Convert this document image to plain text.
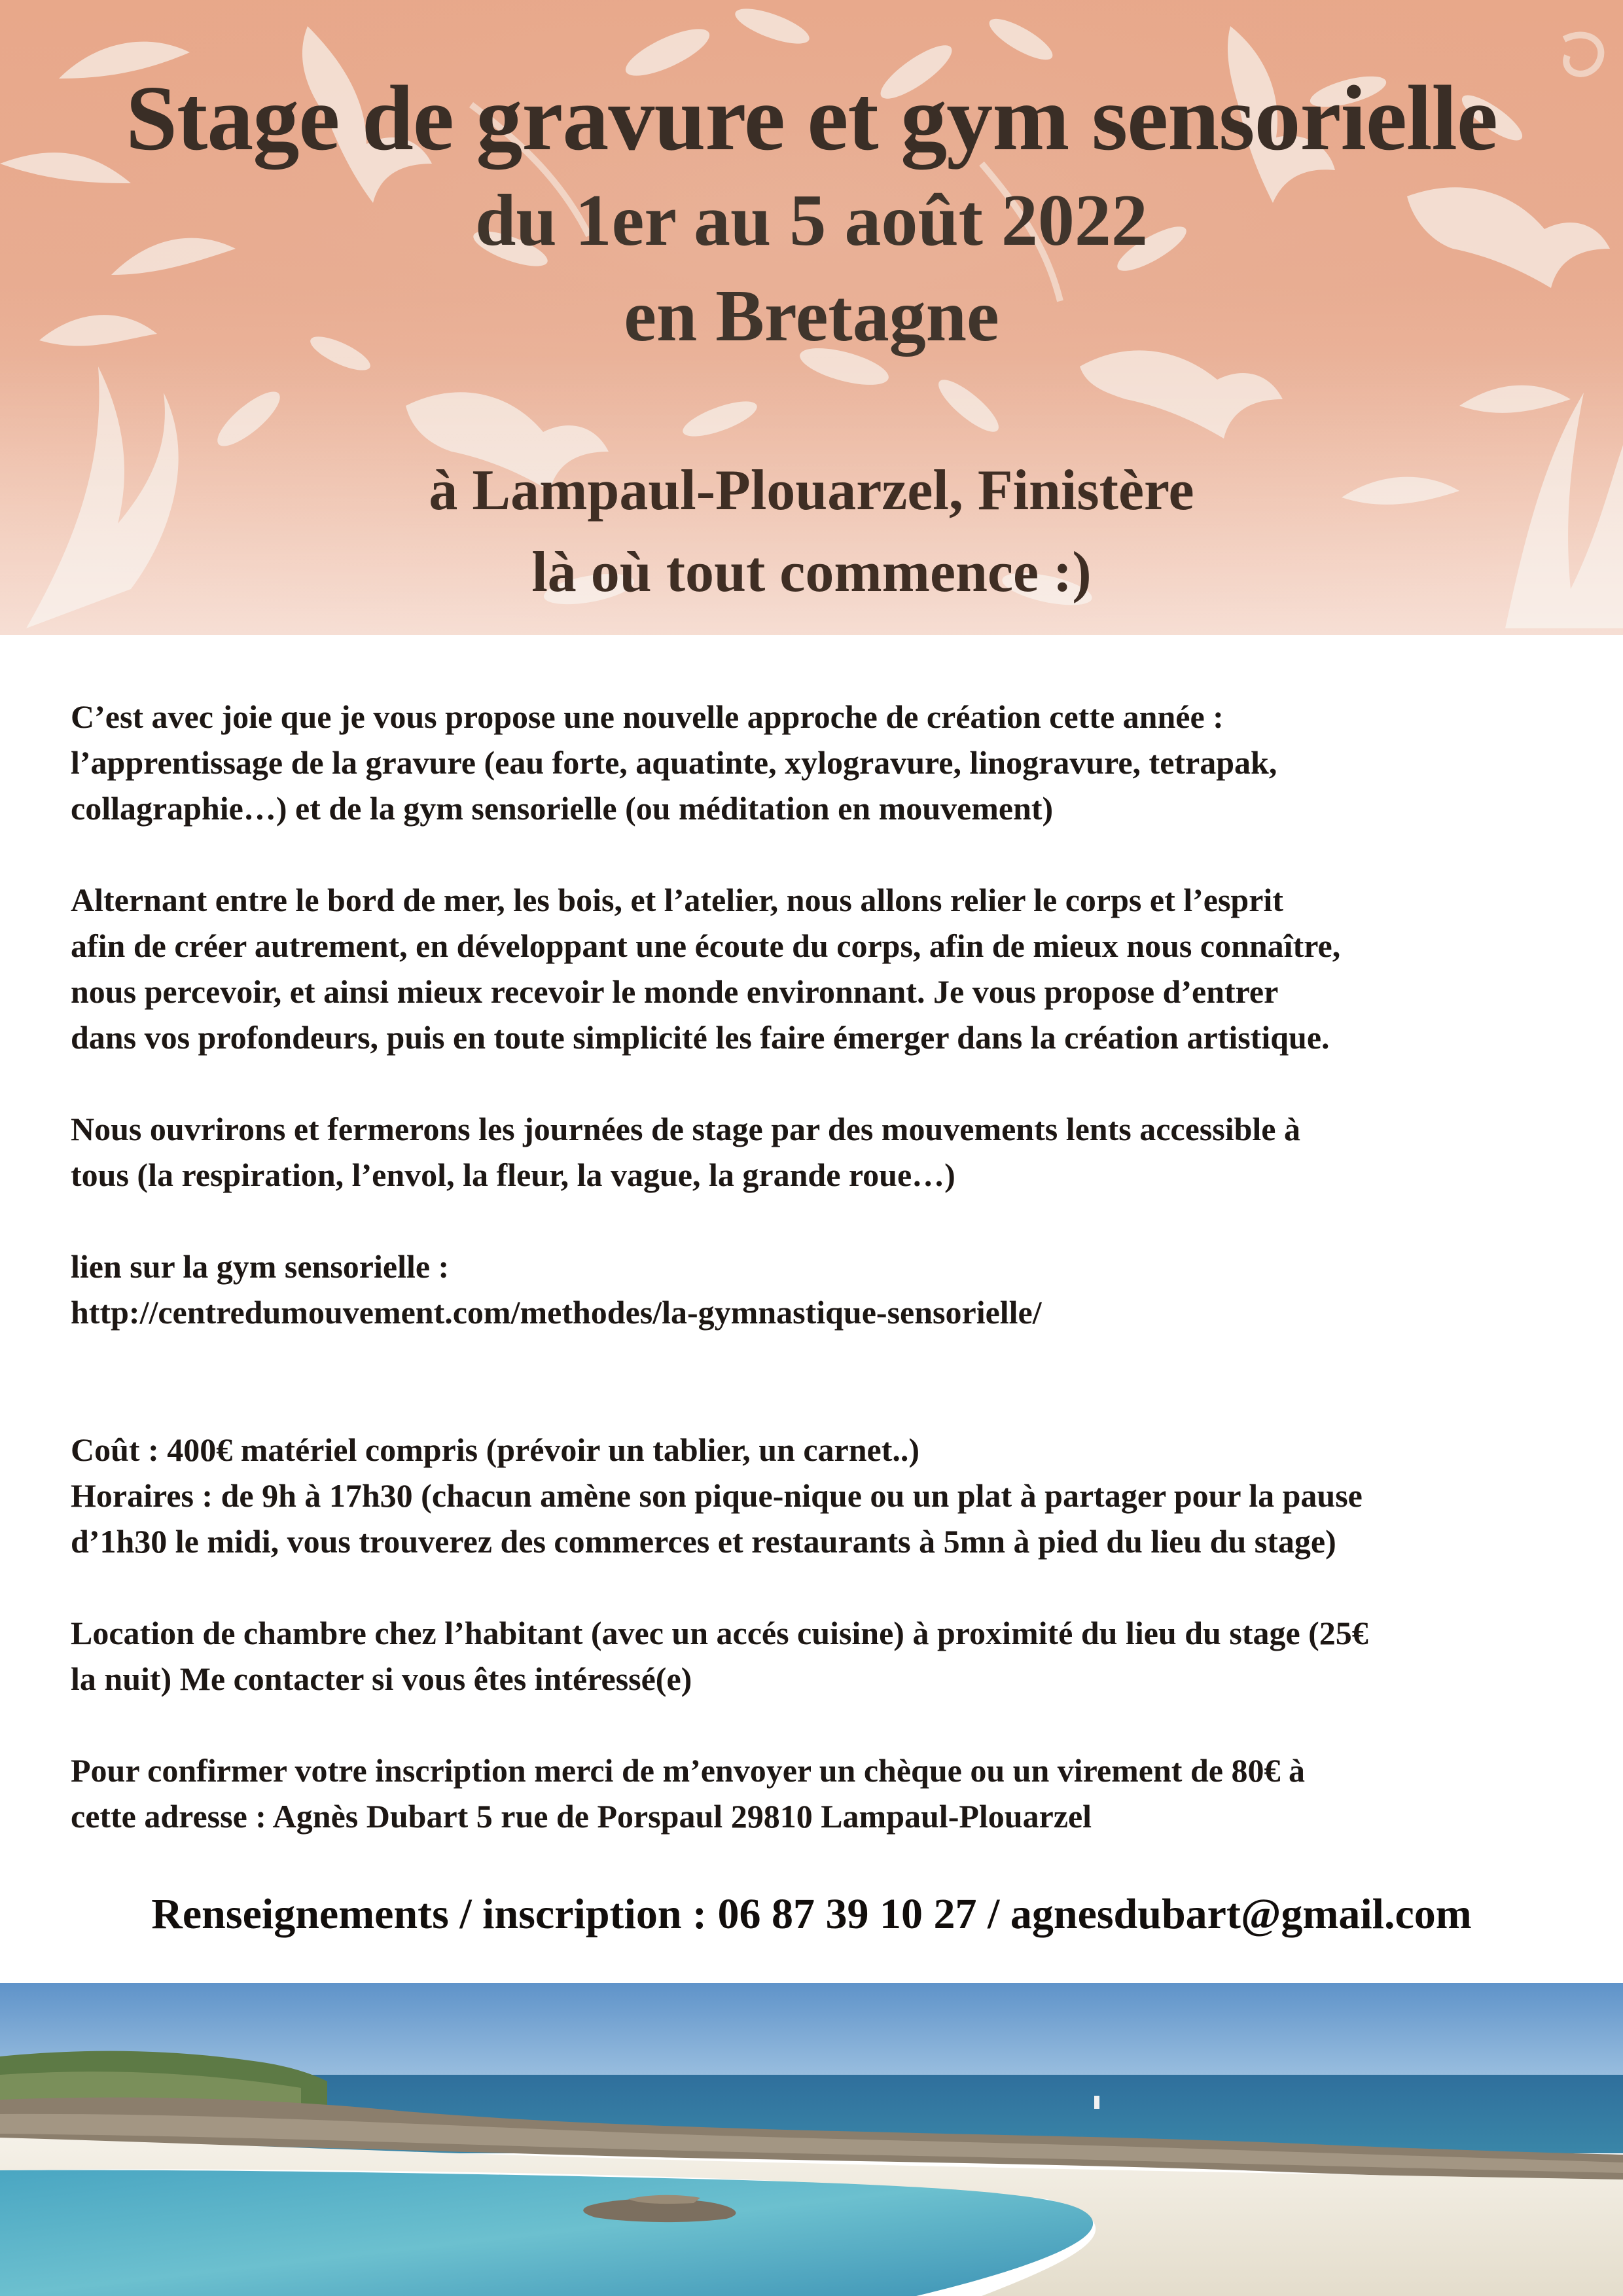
Stage de gravure et gym sensorielle
du 1er au 5 août 2022
en Bretagne
à Lampaul-Plouarzel, Finistère
là où tout commence :)

C’est avec joie que je vous propose une nouvelle approche de création cette année :

l’apprentissage de la gravure (eau forte, aquatinte, xylogravure, linogravure, tetrapak,

collagraphie…) et de la gym sensorielle (ou méditation en mouvement)

Alternant entre le bord de mer, les bois, et l’atelier, nous allons relier le corps et l’esprit

afin de créer autrement, en développant une écoute du corps, afin de mieux nous connaître,

nous percevoir, et ainsi mieux recevoir le monde environnant. Je vous propose d’entrer

dans vos profondeurs, puis en toute simplicité les faire émerger dans la création artistique.

Nous ouvrirons et fermerons les journées de stage par des mouvements lents accessible à

tous (la respiration, l’envol, la fleur, la vague, la grande roue…)

lien sur la gym sensorielle :

http://centredumouvement.com/methodes/la-gymnastique-sensorielle/

Coût : 400€ matériel compris (prévoir un tablier, un carnet..)

Horaires : de 9h à 17h30 (chacun amène son pique-nique ou un plat à partager pour la pause

d’1h30 le midi, vous trouverez des commerces et restaurants à 5mn à pied du lieu du stage)

Location de chambre chez l’habitant (avec un accés cuisine) à proximité du lieu du stage (25€

la nuit) Me contacter si vous êtes intéressé(e)

Pour confirmer votre inscription merci de m’envoyer un chèque ou un virement de 80€ à

cette adresse : Agnès Dubart 5 rue de Porspaul 29810 Lampaul-Plouarzel

Renseignements / inscription : 06 87 39 10 27 / agnesdubart@gmail.com
